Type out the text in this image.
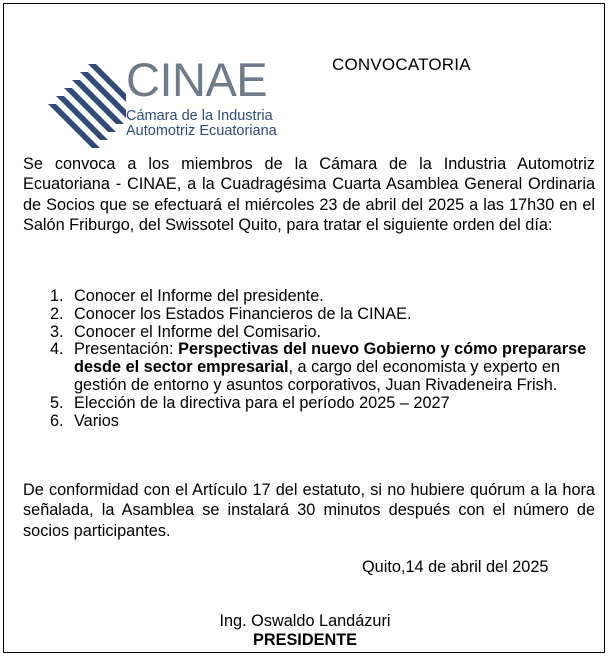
CINAE
Cámara de la Industria
Automotriz Ecuatoriana
CONVOCATORIA

Se convoca a los miembros de la Cámara de la Industria Automotriz Ecuatoriana - CINAE, a la Cuadragésima Cuarta Asamblea General Ordinaria de Socios que se efectuará el miércoles 23 de abril del 2025 a las 17h30 en el Salón Friburgo, del Swissotel Quito, para tratar el siguiente orden del día:

1. Conocer el Informe del presidente.
2. Conocer los Estados Financieros de la CINAE.
3. Conocer el Informe del Comisario.
4. Presentación: Perspectivas del nuevo Gobierno y cómo prepararse desde el sector empresarial, a cargo del economista y experto en gestión de entorno y asuntos corporativos, Juan Rivadeneira Frish.
5. Elección de la directiva para el período 2025 – 2027
6. Varios

De conformidad con el Artículo 17 del estatuto, si no hubiere quórum a la hora señalada, la Asamblea se instalará 30 minutos después con el número de socios participantes.

Quito,14 de abril del 2025
Ing. Oswaldo Landázuri
PRESIDENTE
